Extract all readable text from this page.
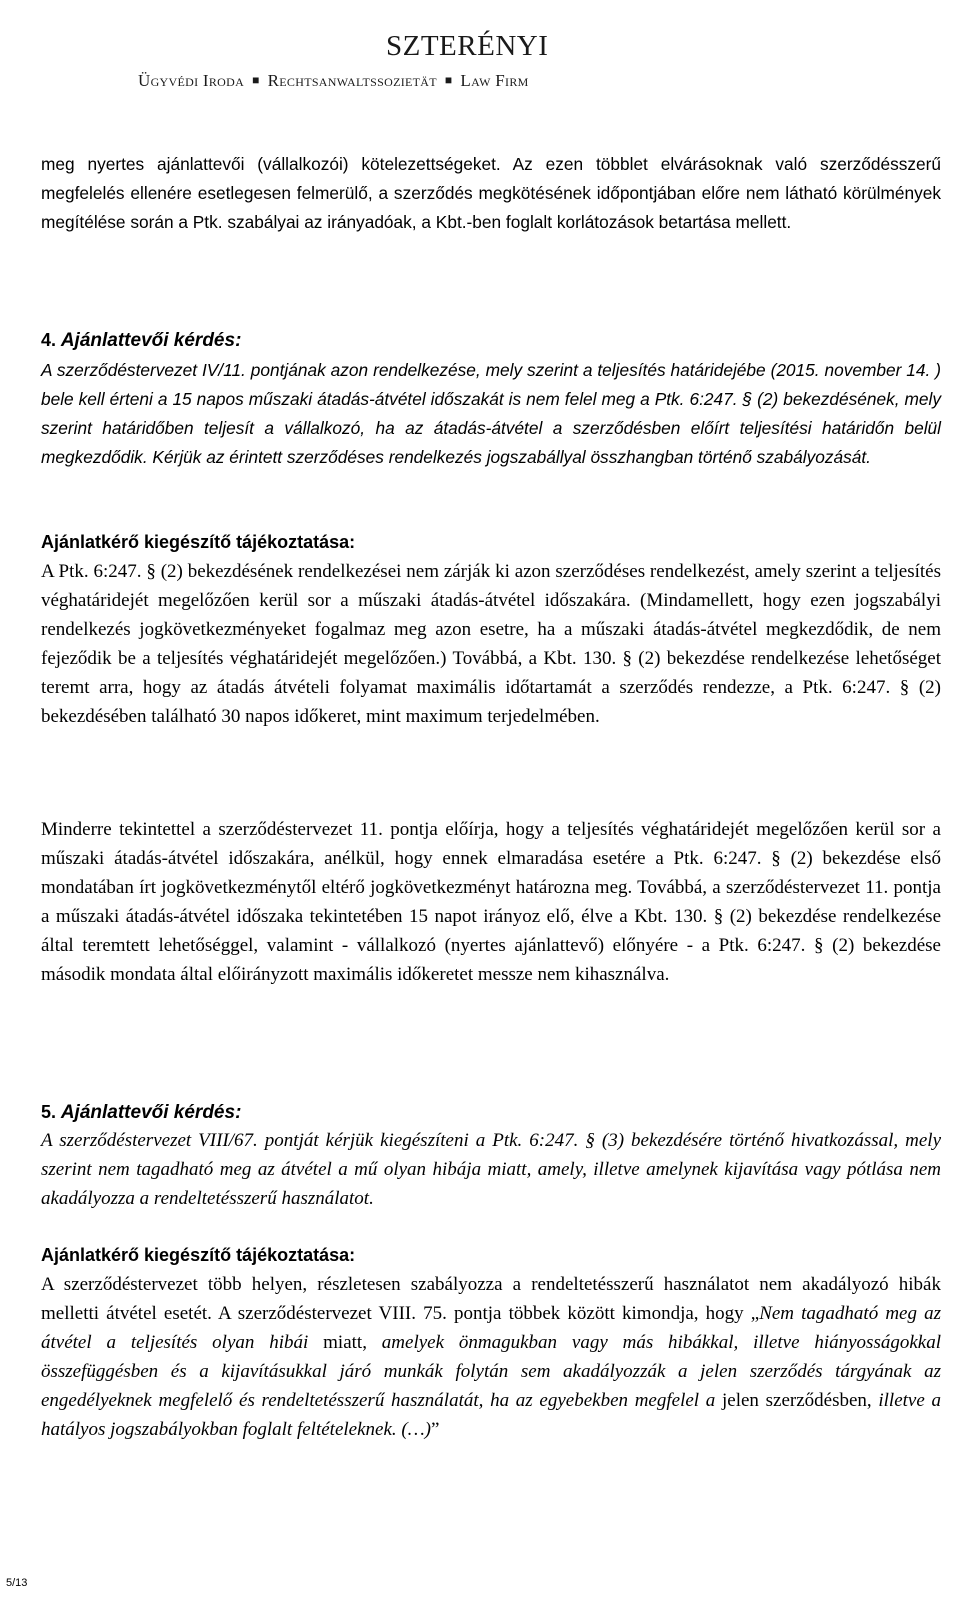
SZTERÉNYI
Ügyvédi Iroda ■ Rechtsanwaltssozietät ■ Law Firm
meg nyertes ajánlattevői (vállalkozói) kötelezettségeket. Az ezen többlet elvárásoknak való szerződésszerű megfelelés ellenére esetlegesen felmerülő, a szerződés megkötésének időpontjában előre nem látható körülmények megítélése során a Ptk. szabályai az irányadóak, a Kbt.-ben foglalt korlátozások betartása mellett.
4. Ajánlattevői kérdés:
A szerződéstervezet IV/11. pontjának azon rendelkezése, mely szerint a teljesítés határidejébe (2015. november 14. ) bele kell érteni a 15 napos műszaki átadás-átvétel időszakát is nem felel meg a Ptk. 6:247. § (2) bekezdésének, mely szerint határidőben teljesít a vállalkozó, ha az átadás-átvétel a szerződésben előírt teljesítési határidőn belül megkezdődik. Kérjük az érintett szerződéses rendelkezés jogszabállyal összhangban történő szabályozását.
Ajánlatkérő kiegészítő tájékoztatása:
A Ptk. 6:247. § (2) bekezdésének rendelkezései nem zárják ki azon szerződéses rendelkezést, amely szerint a teljesítés véghatáridejét megelőzően kerül sor a műszaki átadás-átvétel időszakára. (Mindamellett, hogy ezen jogszabályi rendelkezés jogkövetkezményeket fogalmaz meg azon esetre, ha a műszaki átadás-átvétel megkezdődik, de nem fejeződik be a teljesítés véghatáridejét megelőzően.) Továbbá, a Kbt. 130. § (2) bekezdése rendelkezése lehetőséget teremt arra, hogy az átadás átvételi folyamat maximális időtartamát a szerződés rendezze, a Ptk. 6:247. § (2) bekezdésében található 30 napos időkeret, mint maximum terjedelmében.
Minderre tekintettel a szerződéstervezet 11. pontja előírja, hogy a teljesítés véghatáridejét megelőzően kerül sor a műszaki átadás-átvétel időszakára, anélkül, hogy ennek elmaradása esetére a Ptk. 6:247. § (2) bekezdése első mondatában írt jogkövetkezménytől eltérő jogkövetkezményt határozna meg. Továbbá, a szerződéstervezet 11. pontja a műszaki átadás-átvétel időszaka tekintetében 15 napot irányoz elő, élve a Kbt. 130. § (2) bekezdése rendelkezése által teremtett lehetőséggel, valamint - vállalkozó (nyertes ajánlattevő) előnyére - a Ptk. 6:247. § (2) bekezdése második mondata által előirányzott maximális időkeretet messze nem kihasználva.
5. Ajánlattevői kérdés:
A szerződéstervezet VIII/67. pontját kérjük kiegészíteni a Ptk. 6:247. § (3) bekezdésére történő hivatkozással, mely szerint nem tagadható meg az átvétel a mű olyan hibája miatt, amely, illetve amelynek kijavítása vagy pótlása nem akadályozza a rendeltetésszerű használatot.
Ajánlatkérő kiegészítő tájékoztatása:
A szerződéstervezet több helyen, részletesen szabályozza a rendeltetésszerű használatot nem akadályozó hibák melletti átvétel esetét. A szerződéstervezet VIII. 75. pontja többek között kimondja, hogy „Nem tagadható meg az átvétel a teljesítés olyan hibái miatt, amelyek önmagukban vagy más hibákkal, illetve hiányosságokkal összefüggésben és a kijavításukkal járó munkák folytán sem akadályozzák a jelen szerződés tárgyának az engedélyeknek megfelelő és rendeltetésszerű használatát, ha az egyebekben megfelel a jelen szerződésben, illetve a hatályos jogszabályokban foglalt feltételeknek. (…)”
5/13
